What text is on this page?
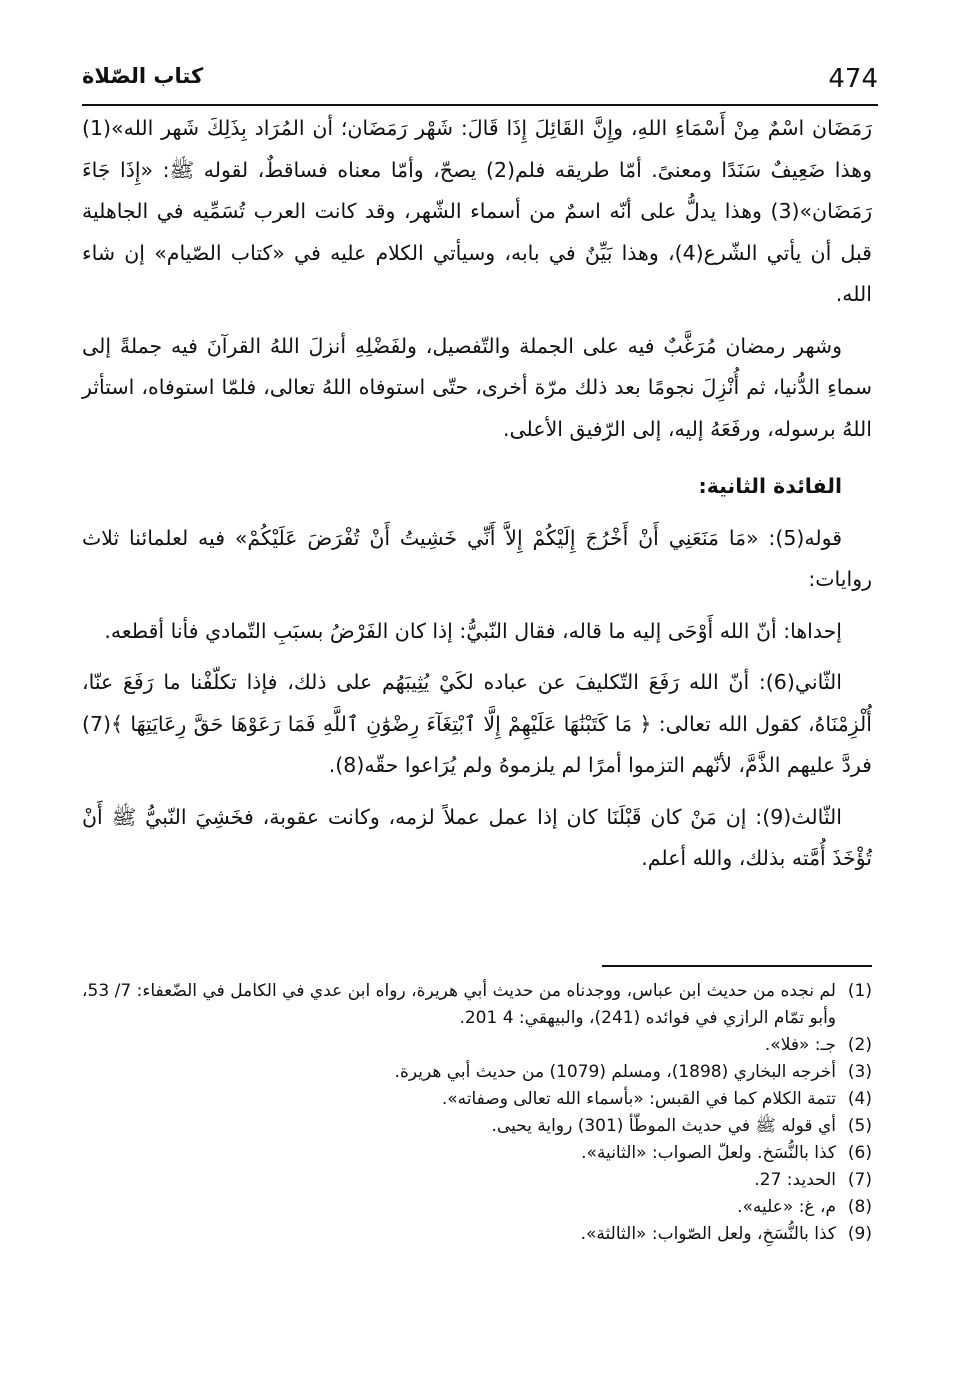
474
كتاب الصّلاة

رَمَضَان اسْمٌ مِنْ أَسْمَاءِ اللهِ، وإِنَّ القَائِلَ إِذَا قَالَ: شَهْر رَمَضَان؛ أن المُرَاد بِذَلِكَ شَهر الله»(1) وهذا ضَعِيفٌ سَنَدًا ومعنىً. أمّا طريقه فلم(2) يصحّ، وأمّا معناه فساقطٌ، لقوله ﷺ: «إِذَا جَاءَ رَمَضَان»(3) وهذا يدلُّ على أنّه اسمٌ من أسماء الشّهر، وقد كانت العرب تُسَمِّيه في الجاهلية قبل أن يأتي الشّرع(4)، وهذا بَيِّنٌ في بابه، وسيأتي الكلام عليه في «كتاب الصّيام» إن شاء الله.

وشهر رمضان مُرَغَّبٌ فيه على الجملة والتّفصيل، ولفَضْلِهِ أنزلَ اللهُ القرآنَ فيه جملةً إلى سماءِ الدُّنيا، ثم أُنْزِلَ نجومًا بعد ذلك مرّة أخرى، حتّى استوفاه اللهُ تعالى، فلمّا استوفاه، استأثر اللهُ برسوله، ورفَعَهُ إليه، إلى الرّفيق الأعلى.

الفائدة الثانية:

قوله(5): «مَا مَنَعَنِي أَنْ أَخْرُجَ إِلَيْكُمْ إِلاَّ أَنِّي خَشِيتُ أَنْ تُفْرَضَ عَلَيْكُمْ» فيه لعلمائنا ثلاث روايات:

إحداها: أنّ الله أَوْحَى إليه ما قاله، فقال النّبيُّ: إذا كان الفَرْضُ بسبَبِ التّمادي فأنا أقطعه.

الثّاني(6): أنّ الله رَفَعَ التّكليفَ عن عباده لكَيْ يُثِيبَهُم على ذلك، فإذا تكلّفْنا ما رَفَعَ عنّا، أُلْزِمْنَاهُ، كقول الله تعالى: ﴿ مَا كَتَبْنَٰهَا عَلَيْهِمْ إِلَّا ٱبْتِغَآءَ رِضْوَٰنِ ٱللَّهِ فَمَا رَعَوْهَا حَقَّ رِعَايَتِهَا ﴾(7) فردَّ عليهم الذَّمَّ، لأنّهم التزموا أمرًا لم يلزموهُ ولم يُرَاعوا حقّه(8).

الثّالث(9): إن مَنْ كان قَبْلَنَا كان إذا عمل عملاً لزمه، وكانت عقوبة، فخَشِيَ النّبيُّ ﷺ أَنْ تُؤْخَذَ أُمَّته بذلك، والله أعلم.

(1)
لم نجده من حديث ابن عباس، ووجدناه من حديث أبي هريرة، رواه ابن عدي في الكامل في الضّعفاء: 7/ 53، وأبو تمّام الرازي في فوائده (241)، والبيهقي: 4 201.
(2)
جـ: «فلا».
(3)
أخرجه البخاري (1898)، ومسلم (1079) من حديث أبي هريرة.
(4)
تتمة الكلام كما في القبس: «بأسماء الله تعالى وصفاته».
(5)
أي قوله ﷺ في حديث الموطّأ (301) رواية يحيى.
(6)
كذا بالنُّسَخ. ولعلّ الصواب: «الثانية».
(7)
الحديد: 27.
(8)
م، غ: «عليه».
(9)
كذا بالنُّسَخِ، ولعل الصّواب: «الثالثة».
